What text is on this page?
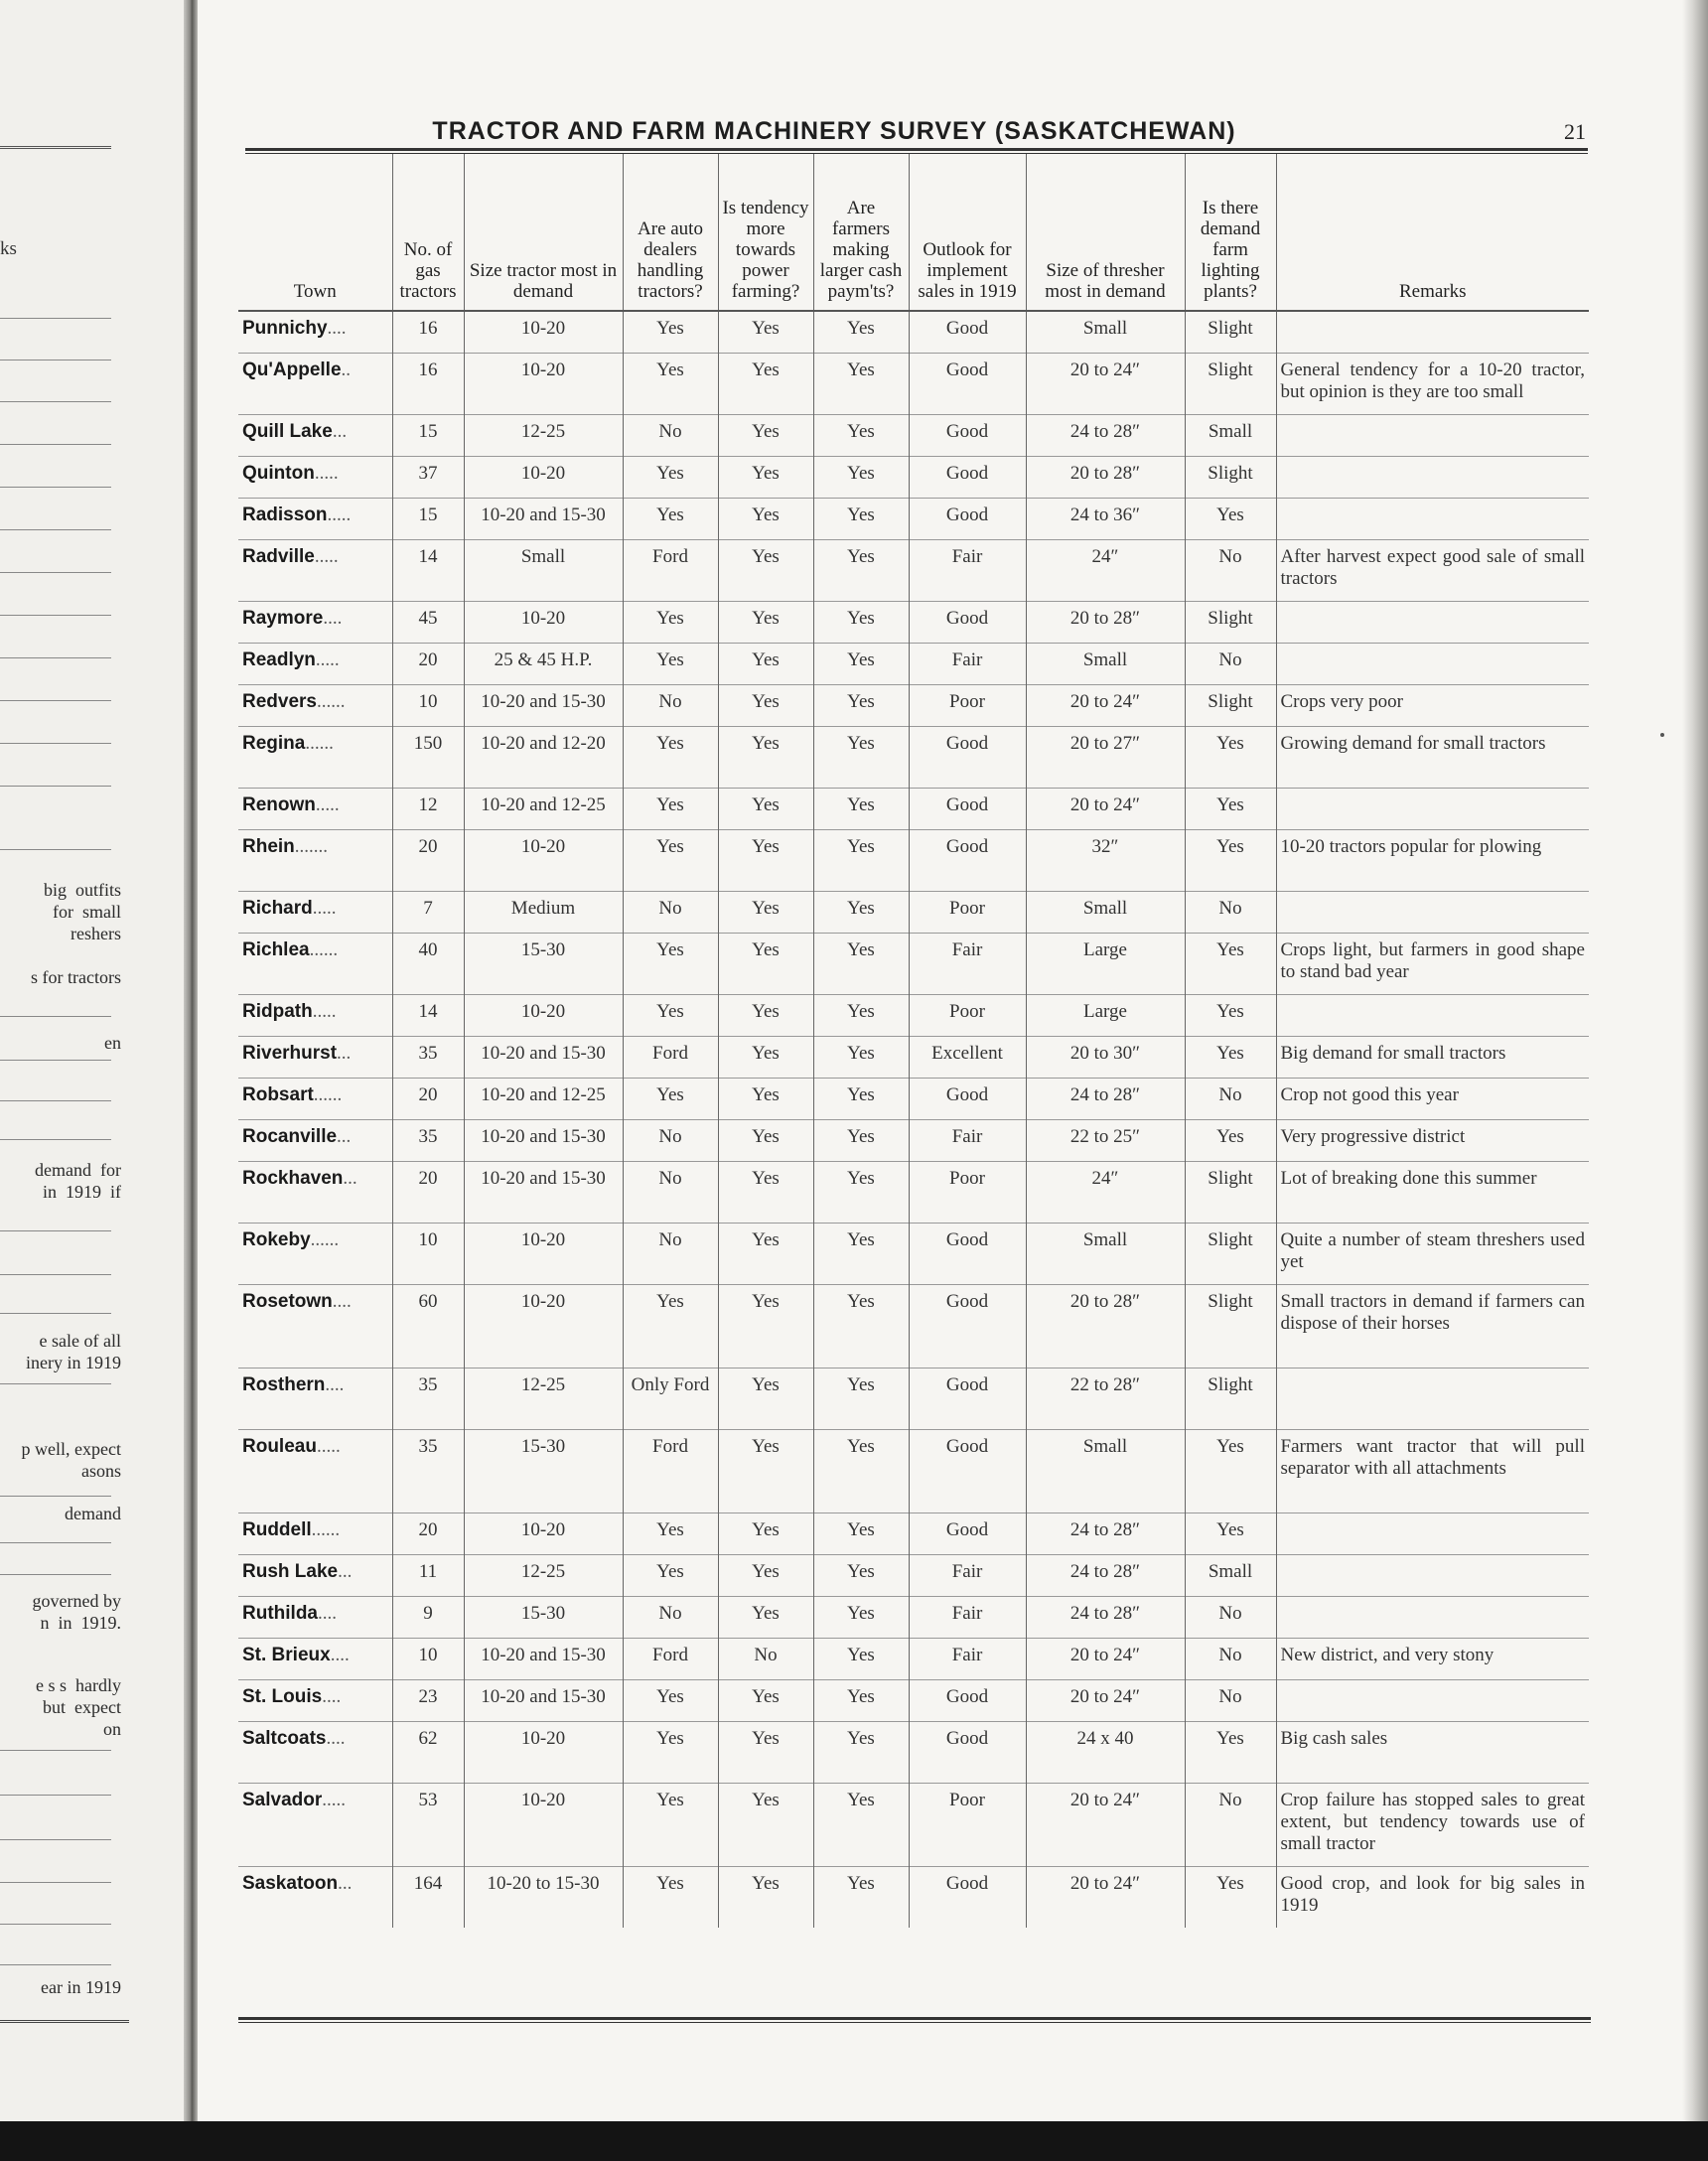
ks
big  outfits
for  small
reshers
s for tractors
en
demand  for
in  1919  if
e sale of all
inery in 1919
p well, expect
asons
demand
governed by
n  in  1919.
e s s  hardly
but  expect
on
ear in 1919
TRACTOR AND FARM MACHINERY SURVEY (SASKATCHEWAN)	21
Town	No. of gas tractors	Size tractor most in demand	Are auto dealers handling tractors?	Is tendency more towards power farming?	Are farmers making larger cash paym'ts?	Outlook for implement sales in 1919	Size of thresher most in demand	Is there demand farm lighting plants?	Remarks
Punnichy....	16	10-20	Yes	Yes	Yes	Good	Small	Slight	
Qu'Appelle..	16	10-20	Yes	Yes	Yes	Good	20 to 24″	Slight	General tendency for a 10-20 tractor, but opinion is they are too small
Quill Lake...	15	12-25	No	Yes	Yes	Good	24 to 28″	Small	
Quinton.....	37	10-20	Yes	Yes	Yes	Good	20 to 28″	Slight	
Radisson.....	15	10-20 and 15-30	Yes	Yes	Yes	Good	24 to 36″	Yes	
Radville.....	14	Small	Ford	Yes	Yes	Fair	24″	No	After harvest expect good sale of small tractors
Raymore....	45	10-20	Yes	Yes	Yes	Good	20 to 28″	Slight	
Readlyn.....	20	25 & 45 H.P.	Yes	Yes	Yes	Fair	Small	No	
Redvers......	10	10-20 and 15-30	No	Yes	Yes	Poor	20 to 24″	Slight	Crops very poor
Regina......	150	10-20 and 12-20	Yes	Yes	Yes	Good	20 to 27″	Yes	Growing demand for small tractors
Renown.....	12	10-20 and 12-25	Yes	Yes	Yes	Good	20 to 24″	Yes	
Rhein.......	20	10-20	Yes	Yes	Yes	Good	32″	Yes	10-20 tractors popular for plowing
Richard.....	7	Medium	No	Yes	Yes	Poor	Small	No	
Richlea......	40	15-30	Yes	Yes	Yes	Fair	Large	Yes	Crops light, but farmers in good shape to stand bad year
Ridpath.....	14	10-20	Yes	Yes	Yes	Poor	Large	Yes	
Riverhurst...	35	10-20 and 15-30	Ford	Yes	Yes	Excellent	20 to 30″	Yes	Big demand for small tractors
Robsart......	20	10-20 and 12-25	Yes	Yes	Yes	Good	24 to 28″	No	Crop not good this year
Rocanville...	35	10-20 and 15-30	No	Yes	Yes	Fair	22 to 25″	Yes	Very progressive district
Rockhaven...	20	10-20 and 15-30	No	Yes	Yes	Poor	24″	Slight	Lot of breaking done this summer
Rokeby......	10	10-20	No	Yes	Yes	Good	Small	Slight	Quite a number of steam threshers used yet
Rosetown....	60	10-20	Yes	Yes	Yes	Good	20 to 28″	Slight	Small tractors in demand if farmers can dispose of their horses
Rosthern....	35	12-25	Only Ford	Yes	Yes	Good	22 to 28″	Slight	
Rouleau.....	35	15-30	Ford	Yes	Yes	Good	Small	Yes	Farmers want tractor that will pull separator with all attachments
Ruddell......	20	10-20	Yes	Yes	Yes	Good	24 to 28″	Yes	
Rush Lake...	11	12-25	Yes	Yes	Yes	Fair	24 to 28″	Small	
Ruthilda....	9	15-30	No	Yes	Yes	Fair	24 to 28″	No	
St. Brieux....	10	10-20 and 15-30	Ford	No	Yes	Fair	20 to 24″	No	New district, and very stony
St. Louis....	23	10-20 and 15-30	Yes	Yes	Yes	Good	20 to 24″	No	
Saltcoats....	62	10-20	Yes	Yes	Yes	Good	24 x 40	Yes	Big cash sales
Salvador.....	53	10-20	Yes	Yes	Yes	Poor	20 to 24″	No	Crop failure has stopped sales to great extent, but tendency towards use of small tractor
Saskatoon...	164	10-20 to 15-30	Yes	Yes	Yes	Good	20 to 24″	Yes	Good crop, and look for big sales in 1919
